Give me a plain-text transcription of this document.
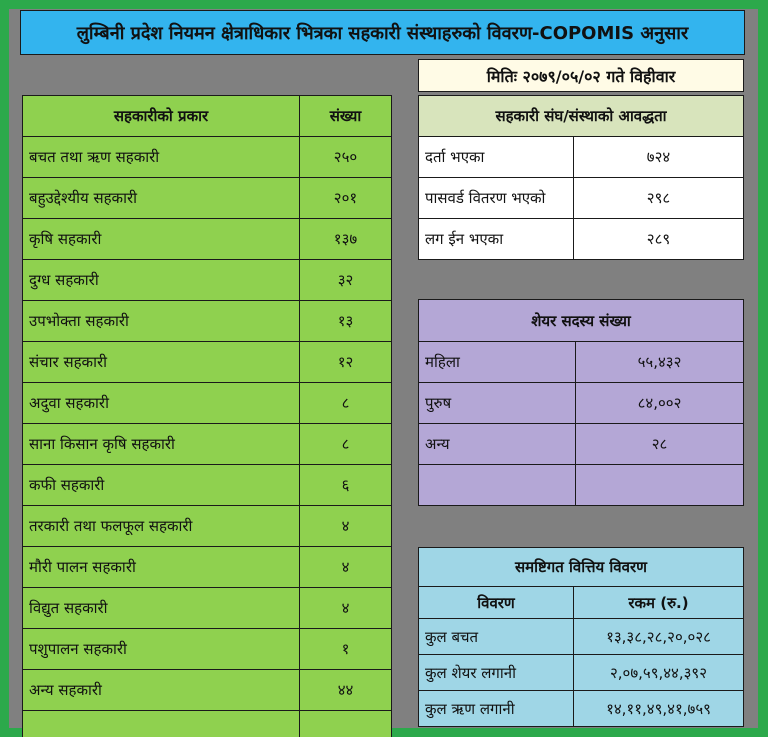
लुम्बिनी प्रदेश नियमन क्षेत्राधिकार भित्रका सहकारी संस्थाहरुको विवरण-COPOMIS अनुसार
मितिः २०७९/०५/०२ गते विहीवार
सहकारीको प्रकार	संख्या
बचत तथा ऋण सहकारी	२५०
बहुउद्देश्यीय सहकारी	२०१
कृषि सहकारी	१३७
दुग्ध सहकारी	३२
उपभोक्ता सहकारी	१३
संचार सहकारी	१२
अदुवा सहकारी	८
साना किसान कृषि सहकारी	८
कफी सहकारी	६
तरकारी तथा फलफूल सहकारी	४
मौरी पालन सहकारी	४
विद्युत सहकारी	४
पशुपालन सहकारी	१
अन्य सहकारी	४४

सहकारी संघ/संस्थाको आवद्धता	
दर्ता भएका	७२४
पासवर्ड वितरण भएको	२९८
लग ईन भएका	२८९
शेयर सदस्य संख्या	
महिला	५५,४३२
पुरुष	८४,००२
अन्य	२८

समष्टिगत वित्तिय विवरण	
विवरण	रकम (रु.)
कुल बचत	१३,३८,२८,२०,०२८
कुल शेयर लगानी	२,०७,५९,४४,३९२
कुल ऋण लगानी	१४,११,४९,४१,७५९
